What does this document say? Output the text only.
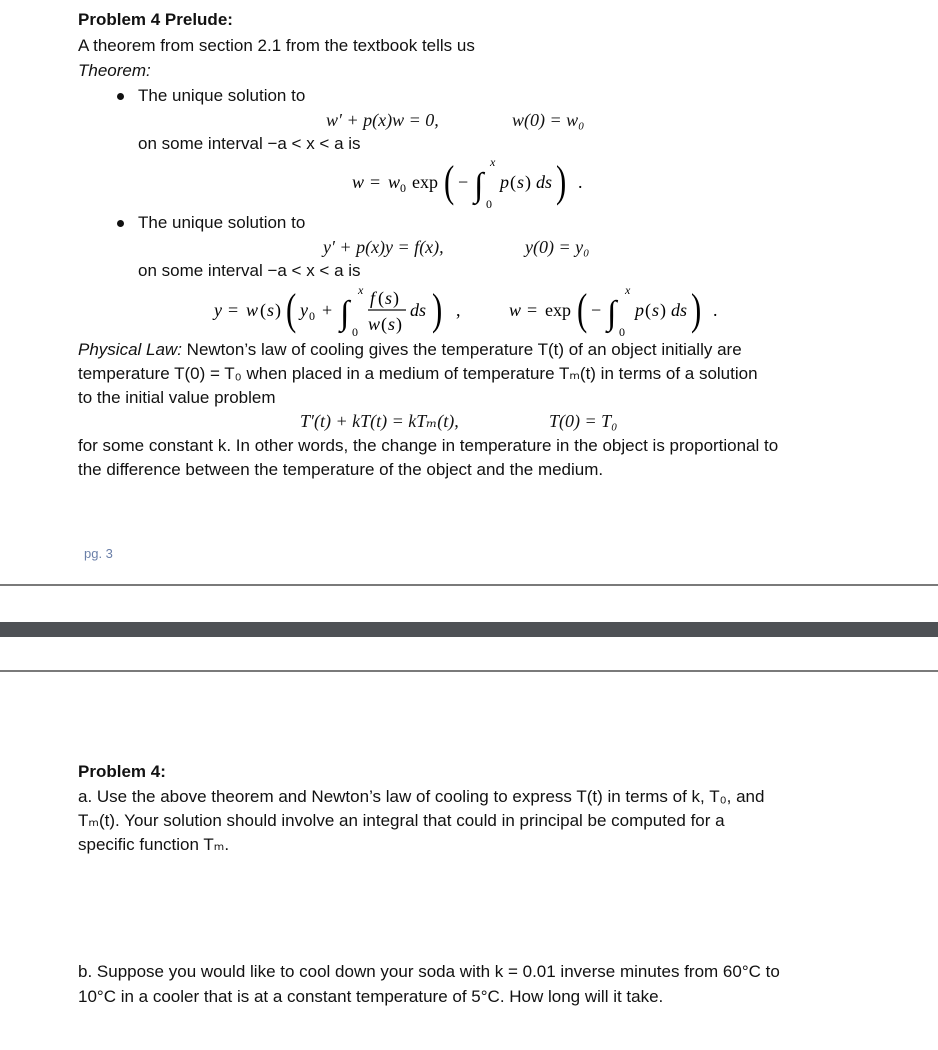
Problem 4 Prelude:
A theorem from section 2.1 from the textbook tells us
Theorem:
The unique solution to
w′ + p(x)w = 0,	w(0) = w₀
on some interval −a < x < a is
w = w 0 exp ( − ∫
x
0
p ( s ) ds ) .
The unique solution to
y′ + p(x)y = f(x),	y(0) = y₀
on some interval −a < x < a is
y = w ( s ) ( y 0 + ∫
x
0
f ( s )
w ( s )
ds ) ,	w = exp ( − ∫
x
0
p ( s ) ds ) .
Physical Law: Newton’s law of cooling gives the temperature T(t) of an object initially are
temperature T(0) = T₀ when placed in a medium of temperature Tₘ(t) in terms of a solution
to the initial value problem
T′(t) + kT(t) = kTₘ(t),	T(0) = T₀
for some constant k. In other words, the change in temperature in the object is proportional to
the difference between the temperature of the object and the medium.
pg. 3
Problem 4:
a. Use the above theorem and Newton’s law of cooling to express T(t) in terms of k, T₀, and
Tₘ(t). Your solution should involve an integral that could in principal be computed for a
specific function Tₘ.
b. Suppose you would like to cool down your soda with k = 0.01 inverse minutes from 60°C to
10°C in a cooler that is at a constant temperature of 5°C. How long will it take.
